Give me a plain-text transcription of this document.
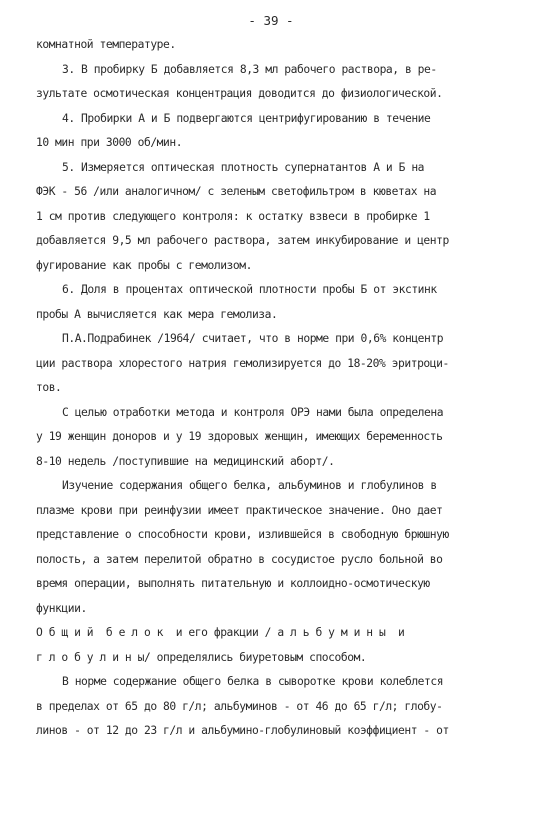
- 39 -
комнатной температуре.
3. В пробирку Б добавляется 8,3 мл рабочего раствора, в ре-
зультате осмотическая концентрация доводится до физиологической.
4. Пробирки А и Б подвергаются центрифугированию в течение
10 мин при 3000 об/мин.
5. Измеряется оптическая плотность супернатантов А и Б на
ФЭК - 56 /или аналогичном/ с зеленым светофильтром в кюветах на
1 см против следующего контроля: к остатку взвеси в пробирке 1
добавляется 9,5 мл рабочего раствора, затем инкубирование и центр
фугирование как пробы с гемолизом.
6. Доля в процентах оптической плотности пробы Б от экстинк
пробы А вычисляется как мера гемолиза.
П.А.Подрабинек /1964/ считает, что в норме при 0,6% концентр
ции раствора хлорестого натрия гемолизируется до 18-20% эритроци-
тов.
С целью отработки метода и контроля ОРЭ нами была определена
у 19 женщин доноров и у 19 здоровых женщин, имеющих беременность
8-10 недель /поступившие на медицинский аборт/.
Изучение содержания общего белка, альбуминов и глобулинов в
плазме крови при реинфузии имеет практическое значение. Оно дает
представление о способности крови, излившейся в свободную брюшную
полость, а затем перелитой обратно в сосудистое русло больной во
время операции, выполнять питательную и коллоидно-осмотическую
функции.
О б щ и й  б е л о к  и его фракции / а л ь б у м и н ы  и
г л о б у л и н ы/ определялись биуретовым способом.
В норме содержание общего белка в сыворотке крови колеблется
в пределах от 65 до 80 г/л; альбуминов - от 46 до 65 г/л; глобу-
линов - от 12 до 23 г/л и альбумино-глобулиновый коэффициент - от
